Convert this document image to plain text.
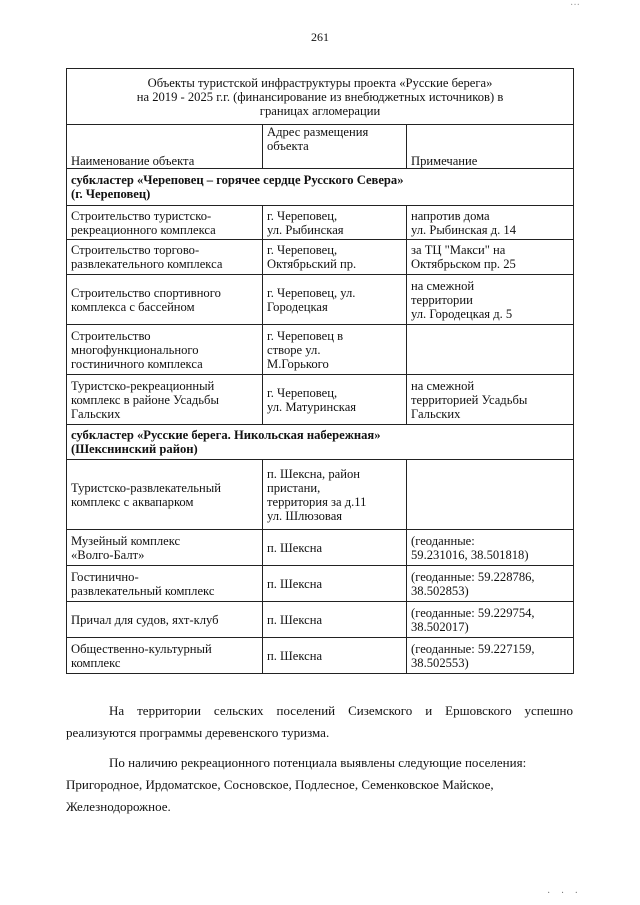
···
261
Объекты туристской инфраструктуры проекта «Русские берега»
на 2019 - 2025 г.г. (финансирование из внебюджетных источников) в
границах агломерации		

Наименование объекта	Адрес размещения
объекта	Примечание

субкластер «Череповец – горячее сердце Русского Севера»
(г. Череповец)		

Строительство туристско-
рекреационного комплекса	г. Череповец,
ул. Рыбинская	напротив дома
ул. Рыбинская д. 14

Строительство торгово-
развлекательного комплекса	г. Череповец,
Октябрьский пр.	за ТЦ "Макси" на
Октябрьском пр. 25

Строительство спортивного
комплекса с бассейном	г. Череповец, ул.
Городецкая	на смежной
территории
ул. Городецкая д. 5

Строительство
многофункционального
гостиничного комплекса	г. Череповец в
створе ул.
М.Горького	

Туристско-рекреационный
комплекс в районе Усадьбы
Гальских	г. Череповец,
ул. Матуринская	на смежной
территорией Усадьбы
Гальских

субкластер «Русские берега. Никольская набережная»
(Шекснинский район)		

Туристско-развлекательный
комплекс с аквапарком	п. Шексна, район
пристани,
территория за д.11
ул. Шлюзовая	

Музейный комплекс
«Волго-Балт»	п. Шексна	(геоданные:
59.231016, 38.501818)

Гостинично-
развлекательный комплекс	п. Шексна	(геоданные: 59.228786,
38.502853)

Причал для судов, яхт-клуб	п. Шексна	(геоданные: 59.229754,
38.502017)

Общественно-культурный
комплекс	п. Шексна	(геоданные: 59.227159,
38.502553)
На территории сельских поселений Сиземского и Ершовского успешно реализуются программы деревенского туризма.
По наличию рекреационного потенциала выявлены следующие поселения: Пригородное, Ирдоматское, Сосновское, Подлесное, Семенковское Майское, Железнодорожное.
· · ·
